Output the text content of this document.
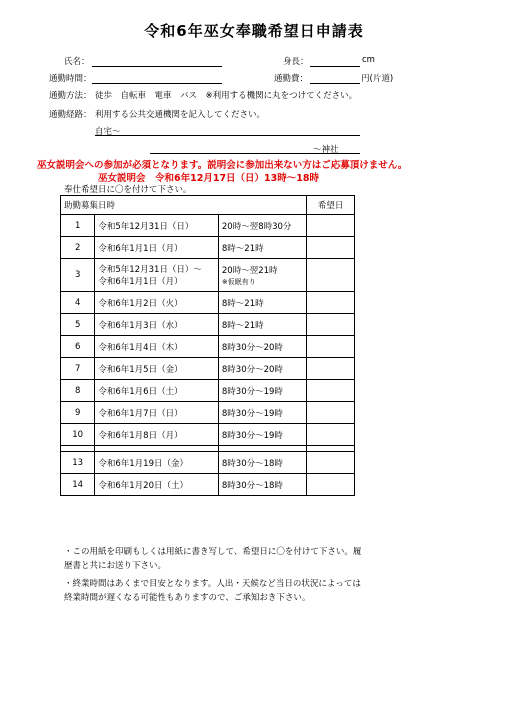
令和6年巫女奉職希望日申請表
氏名：	身長：	cm
通勤時間：	通勤費：	円(片道)
通勤方法： 徒歩　自転車　電車　バス　※利用する機関に丸をつけてください。
通勤経路： 利用する公共交通機関を記入してください。
自宅～
～神社
巫女説明会への参加が必須となります。説明会に参加出来ない方はご応募頂けません。
巫女説明会　令和6年12月17日（日）13時～18時
奉仕希望日に〇を付けて下さい。
助勤募集日時			希望日
1	令和5年12月31日（日）	20時～翌8時30分	
2	令和6年1月1日（月）	8時～21時	
3	令和5年12月31日（日）～
令和6年1月1日（月）	20時～翌21時
※仮眠有り	

4	令和6年1月2日（火）	8時～21時	
5	令和6年1月3日（水）	8時～21時	
6	令和6年1月4日（木）	8時30分～20時	
7	令和6年1月5日（金）	8時30分～20時	
8	令和6年1月6日（土）	8時30分～19時	
9	令和6年1月7日（日）	8時30分～19時	
10	令和6年1月8日（月）	8時30分～19時	

13	令和6年1月19日（金）	8時30分～18時	
14	令和6年1月20日（土）	8時30分～18時	
・この用紙を印刷もしくは用紙に書き写して、希望日に〇を付けて下さい。履歴書と共にお送り下さい。
・終業時間はあくまで目安となります。人出・天候など当日の状況によっては終業時間が遅くなる可能性もありますので、ご承知おき下さい。
